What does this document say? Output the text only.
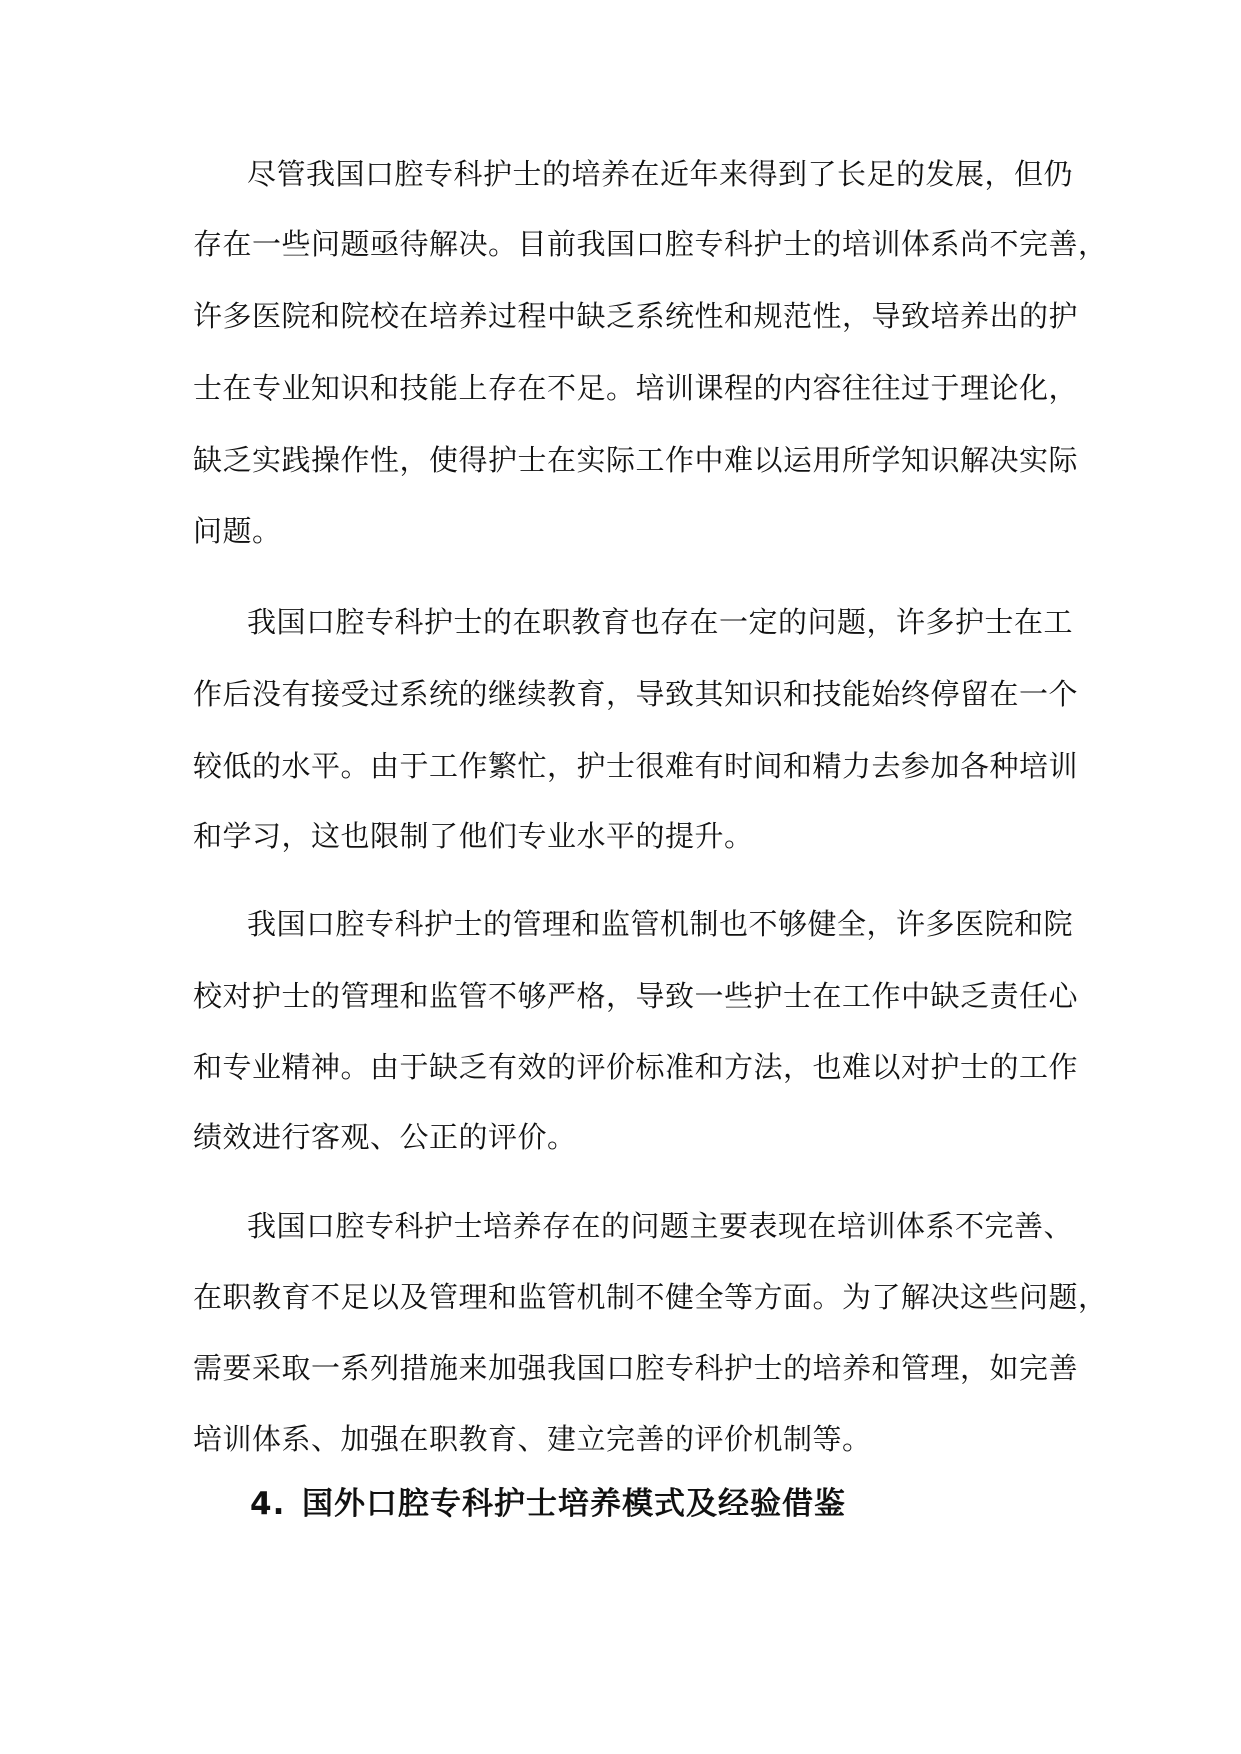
尽管我国口腔专科护士的培养在近年来得到了长足的发展，但仍
存在一些问题亟待解决。目前我国口腔专科护士的培训体系尚不完善，
许多医院和院校在培养过程中缺乏系统性和规范性，导致培养出的护
士在专业知识和技能上存在不足。培训课程的内容往往过于理论化，
缺乏实践操作性，使得护士在实际工作中难以运用所学知识解决实际
问题。
我国口腔专科护士的在职教育也存在一定的问题，许多护士在工
作后没有接受过系统的继续教育，导致其知识和技能始终停留在一个
较低的水平。由于工作繁忙，护士很难有时间和精力去参加各种培训
和学习，这也限制了他们专业水平的提升。
我国口腔专科护士的管理和监管机制也不够健全，许多医院和院
校对护士的管理和监管不够严格，导致一些护士在工作中缺乏责任心
和专业精神。由于缺乏有效的评价标准和方法，也难以对护士的工作
绩效进行客观、公正的评价。
我国口腔专科护士培养存在的问题主要表现在培训体系不完善、
在职教育不足以及管理和监管机制不健全等方面。为了解决这些问题，
需要采取一系列措施来加强我国口腔专科护士的培养和管理，如完善
培训体系、加强在职教育、建立完善的评价机制等。
4. 国外口腔专科护士培养模式及经验借鉴
